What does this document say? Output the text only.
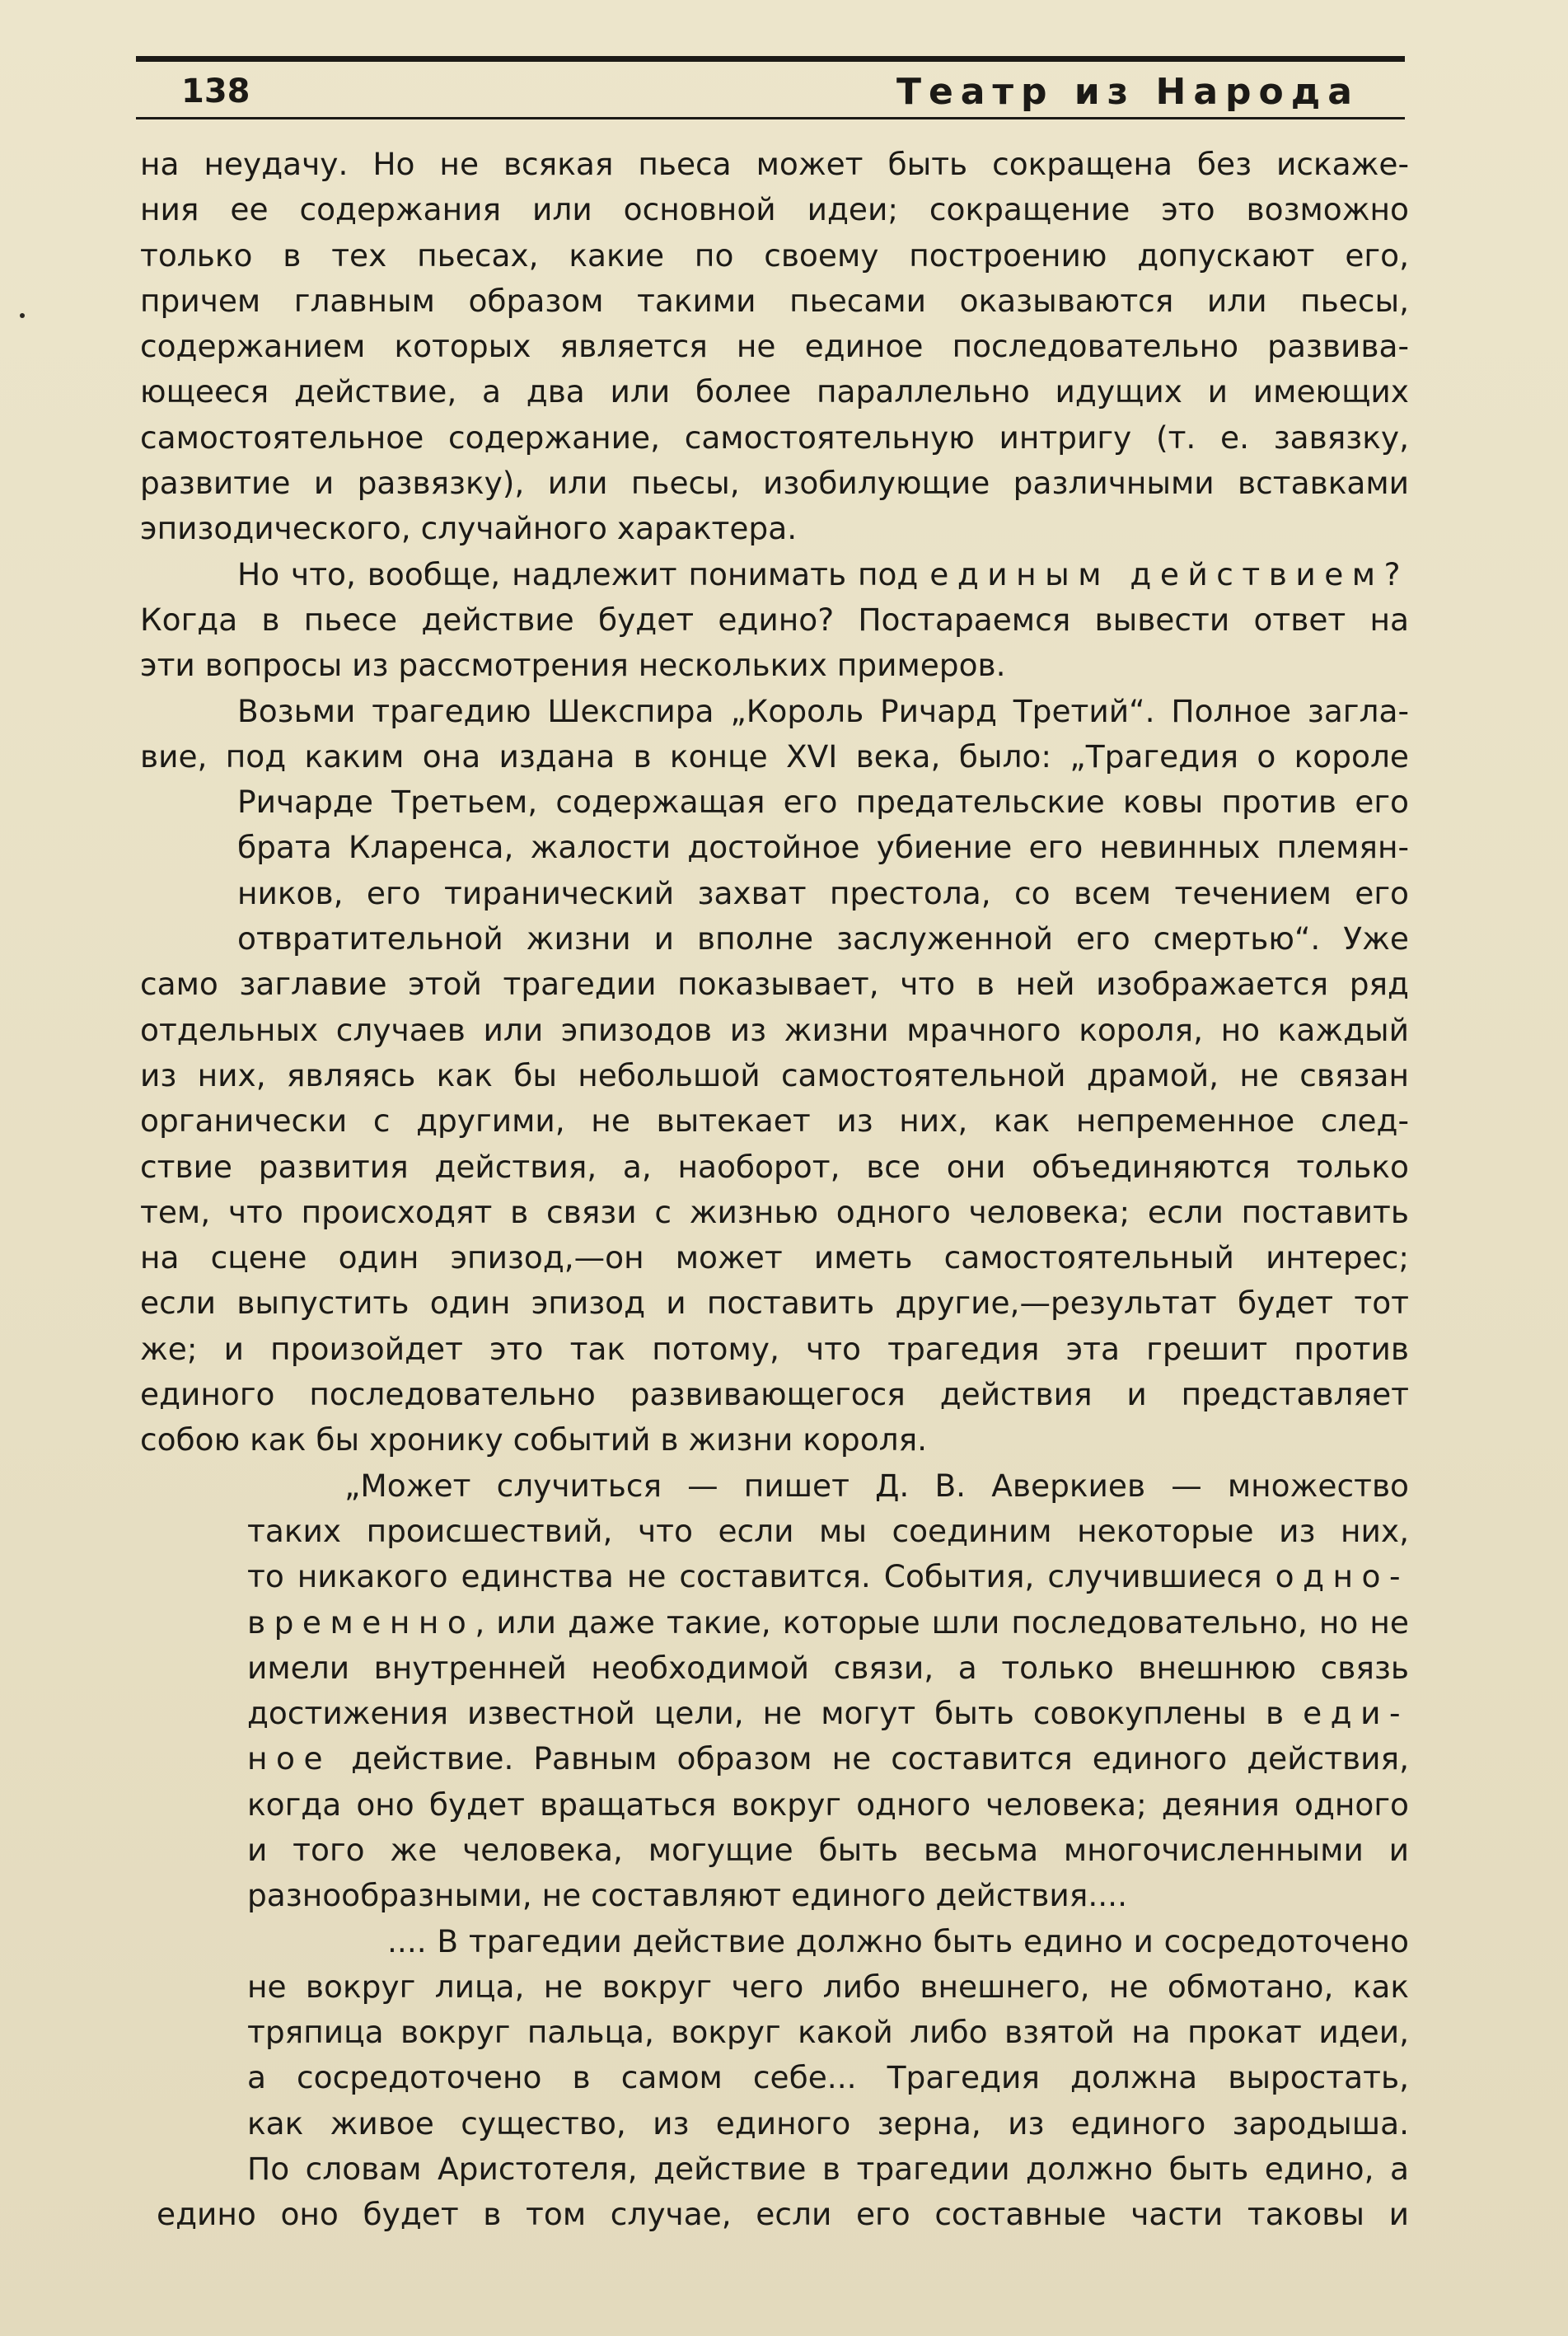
138	Театр из Народа
на неудачу. Но не всякая пьеса может быть сокращена без искаже-
ния ее содержания или основной идеи; сокращение это возможно
только в тех пьесах, какие по своему построению допускают его,
причем главным образом такими пьесами оказываются или пьесы,
содержанием которых является не единое последовательно развива-
ющееся действие, а два или более параллельно идущих и имеющих
самостоятельное содержание, самостоятельную интригу (т. е. завязку,
развитие и развязку), или пьесы, изобилующие различными вставками
эпизодического, случайного характера.
Но что, вообще, надлежит понимать под единым действием?
Когда в пьесе действие будет едино? Постараемся вывести ответ на
эти вопросы из рассмотрения нескольких примеров.
Возьми трагедию Шекспира „Король Ричард Третий“. Полное загла-
вие, под каким она издана в конце XVI века, было: „Трагедия о короле
Ричарде Третьем, содержащая его предательские ковы против его
брата Кларенса, жалости достойное убиение его невинных племян-
ников, его тиранический захват престола, со всем течением его
отвратительной жизни и вполне заслуженной его смертью“. Уже
само заглавие этой трагедии показывает, что в ней изображается ряд
отдельных случаев или эпизодов из жизни мрачного короля, но каждый
из них, являясь как бы небольшой самостоятельной драмой, не связан
органически с другими, не вытекает из них, как непременное след-
ствие развития действия, а, наоборот, все они объединяются только
тем, что происходят в связи с жизнью одного человека; если поставить
на сцене один эпизод,—он может иметь самостоятельный интерес;
если выпустить один эпизод и поставить другие,—результат будет тот
же; и произойдет это так потому, что трагедия эта грешит против
единого последовательно развивающегося действия и представляет
собою как бы хронику событий в жизни короля.
„Может случиться — пишет Д. В. Аверкиев — множество
таких происшествий, что если мы соединим некоторые из них,
то никакого единства не составится. События, случившиеся одно-
временно, или даже такие, которые шли последовательно, но не
имели внутренней необходимой связи, а только внешнюю связь
достижения известной цели, не могут быть совокуплены в еди-
ное действие. Равным образом не составится единого действия,
когда оно будет вращаться вокруг одного человека; деяния одного
и того же человека, могущие быть весьма многочисленными и
разнообразными, не составляют единого действия....
.... В трагедии действие должно быть едино и сосредоточено
не вокруг лица, не вокруг чего либо внешнего, не обмотано, как
тряпица вокруг пальца, вокруг какой либо взятой на прокат идеи,
а сосредоточено в самом себе... Трагедия должна выростать,
как живое существо, из единого зерна, из единого зародыша.
По словам Аристотеля, действие в трагедии должно быть едино, а
едино оно будет в том случае, если его составные части таковы и
